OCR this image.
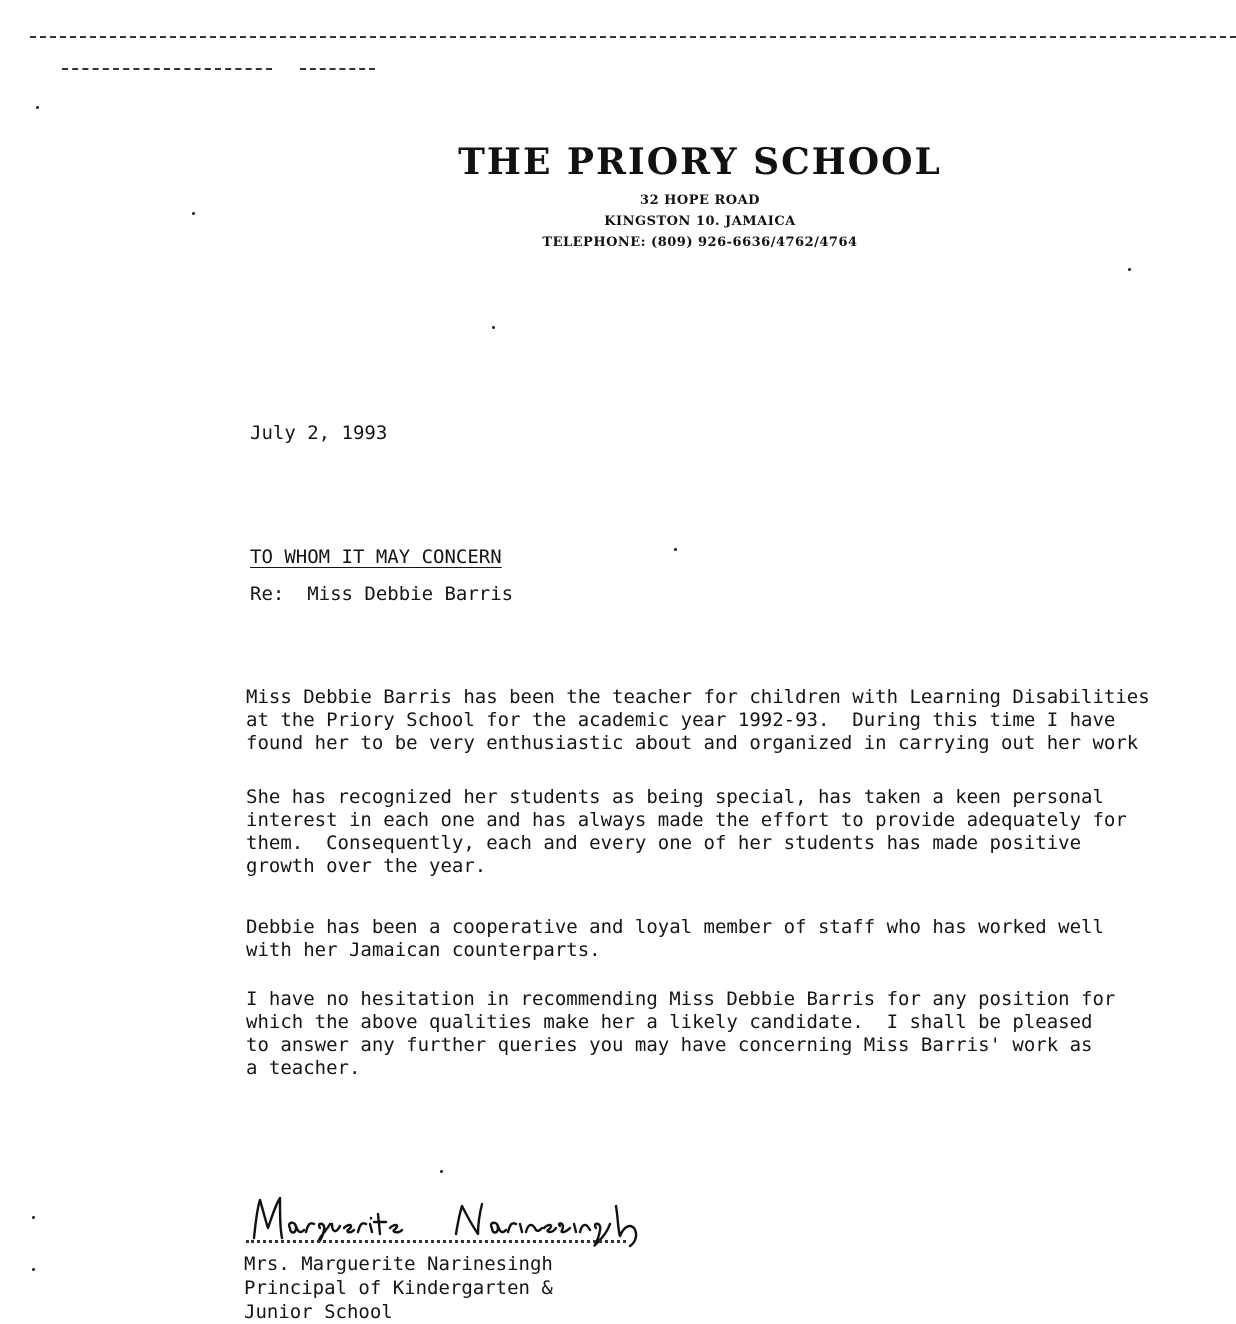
THE PRIORY SCHOOL
32 HOPE ROAD
KINGSTON 10. JAMAICA
TELEPHONE: (809) 926-6636/4762/4764
July 2, 1993
TO WHOM IT MAY CONCERN
Re:  Miss Debbie Barris
Miss Debbie Barris has been the teacher for children with Learning Disabilities
at the Priory School for the academic year 1992-93.  During this time I have
found her to be very enthusiastic about and organized in carrying out her work
She has recognized her students as being special, has taken a keen personal
interest in each one and has always made the effort to provide adequately for
them.  Consequently, each and every one of her students has made positive
growth over the year.
Debbie has been a cooperative and loyal member of staff who has worked well
with her Jamaican counterparts.
I have no hesitation in recommending Miss Debbie Barris for any position for
which the above qualities make her a likely candidate.  I shall be pleased
to answer any further queries you may have concerning Miss Barris' work as
a teacher.
Mrs. Marguerite Narinesingh
Principal of Kindergarten &
Junior School
